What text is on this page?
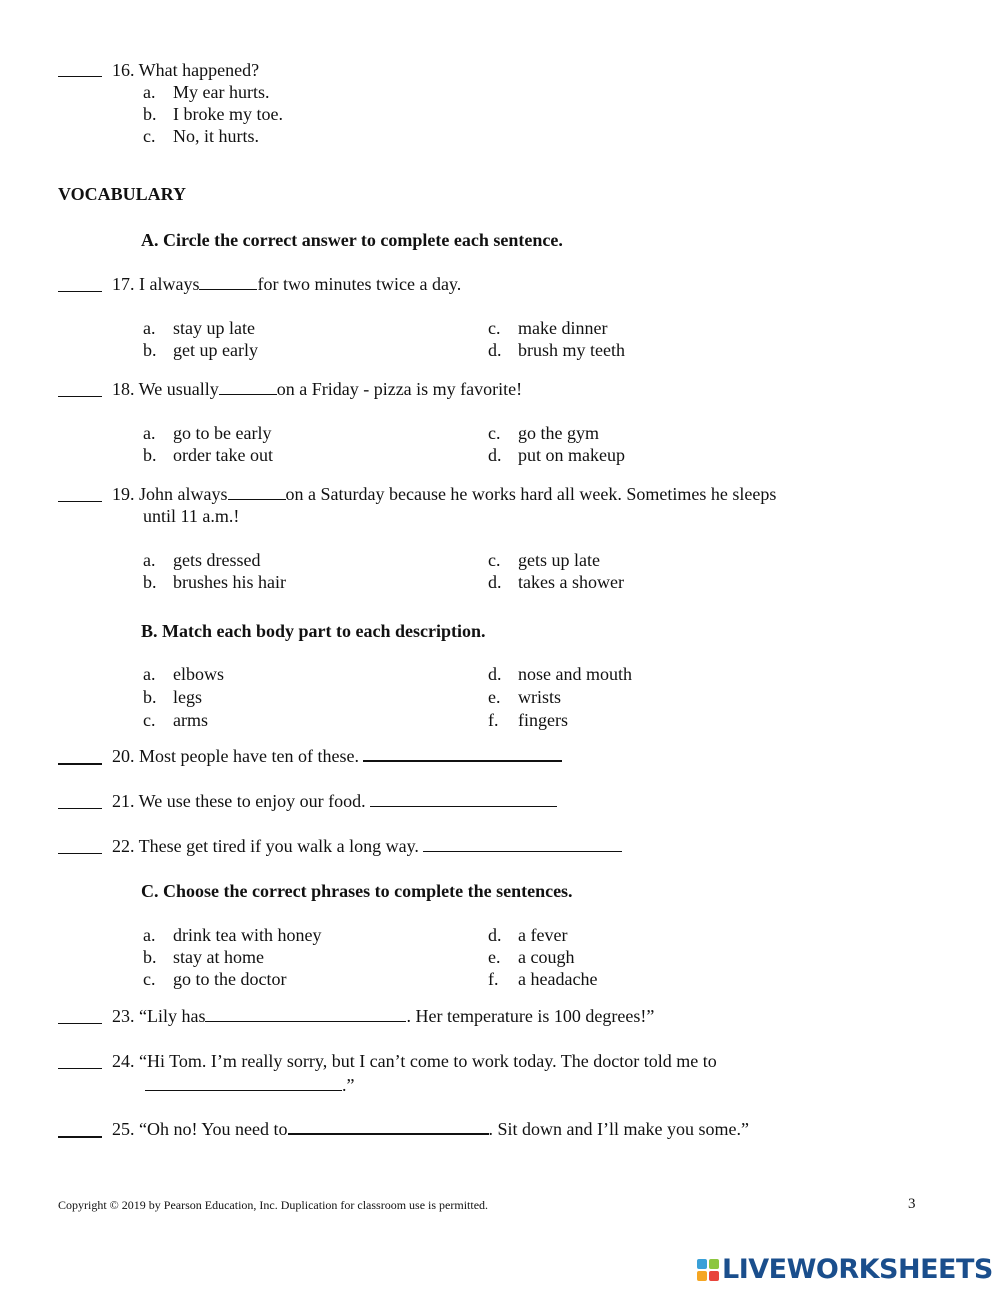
16. What happened?
a. My ear hurts.
b. I broke my toe.
c. No, it hurts.
VOCABULARY
A. Circle the correct answer to complete each sentence.
17. I always	for two minutes twice a day.
a. stay up late
b. get up early
c. make dinner
d. brush my teeth
18. We usually	on a Friday - pizza is my favorite!
a. go to be early
b. order take out
c. go the gym
d. put on makeup
19. John always	on a Saturday because he works hard all week. Sometimes he sleeps
until 11 a.m.!
a. gets dressed
b. brushes his hair
c. gets up late
d. takes a shower
B. Match each body part to each description.
a. elbows
b. legs
c. arms
d. nose and mouth
e. wrists
f. fingers
20. Most people have ten of these.
21. We use these to enjoy our food.
22. These get tired if you walk a long way.
C. Choose the correct phrases to complete the sentences.
a. drink tea with honey
b. stay at home
c. go to the doctor
d. a fever
e. a cough
f. a headache
23. “Lily has	. Her temperature is 100 degrees!”
24. “Hi Tom. I’m really sorry, but I can’t come to work today. The doctor told me to
.”
25. “Oh no! You need to	. Sit down and I’ll make you some.”
Copyright © 2019 by Pearson Education, Inc. Duplication for classroom use is permitted.	3
LIVEWORKSHEETS
